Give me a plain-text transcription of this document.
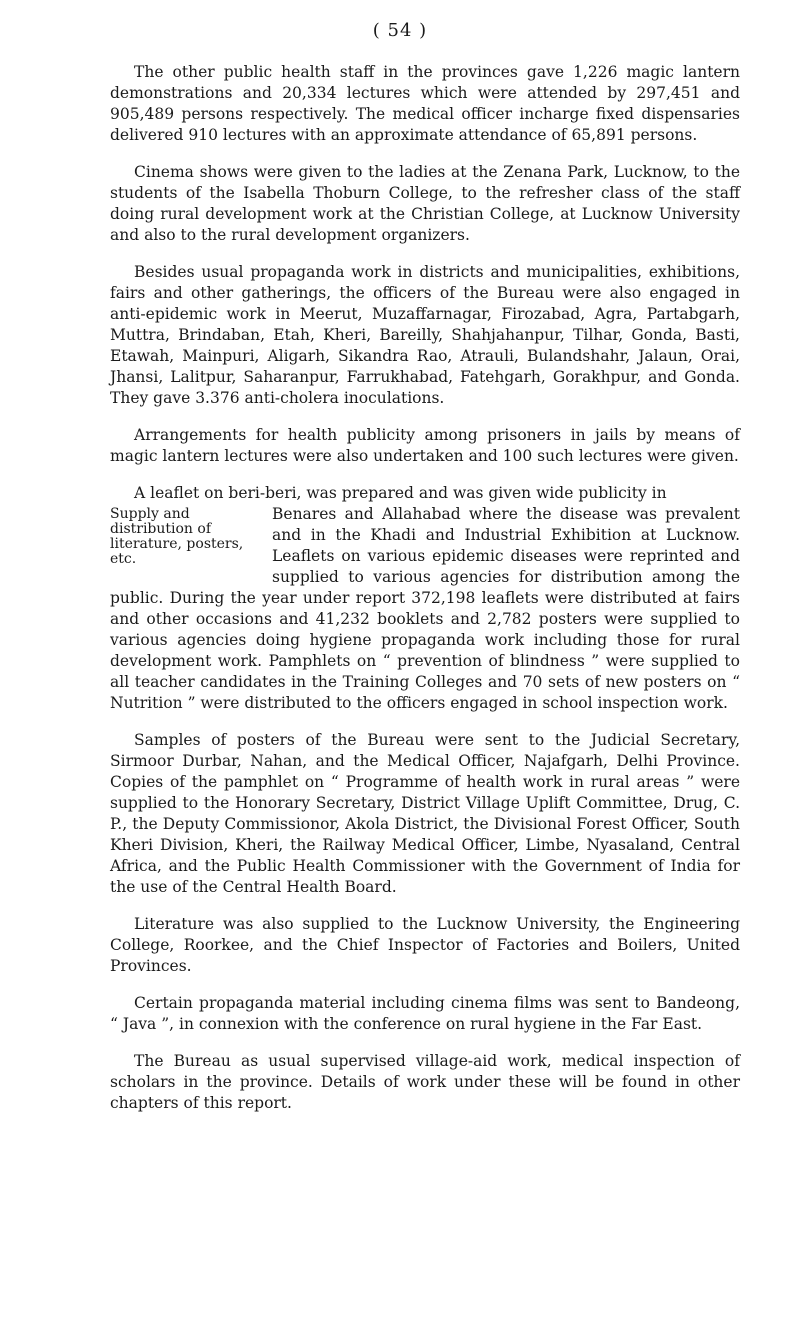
( 54 )

The other public health staff in the provinces gave 1,226 magic lantern demonstrations and 20,334 lectures which were attended by 297,451 and 905,489 persons respectively. The medical officer incharge fixed dispensaries delivered 910 lectures with an approximate attendance of 65,891 persons.

Cinema shows were given to the ladies at the Zenana Park, Lucknow, to the students of the Isabella Thoburn College, to the refresher class of the staff doing rural development work at the Christian College, at Lucknow University and also to the rural development organizers.

Besides usual propaganda work in districts and municipalities, exhibitions, fairs and other gatherings, the officers of the Bureau were also engaged in anti-epidemic work in Meerut, Muzaffarnagar, Firozabad, Agra, Partabgarh, Muttra, Brindaban, Etah, Kheri, Bareilly, Shahjahanpur, Tilhar, Gonda, Basti, Etawah, Mainpuri, Aligarh, Sikandra Rao, Atrauli, Bulandshahr, Jalaun, Orai, Jhansi, Lalitpur, Saharanpur, Farrukhabad, Fatehgarh, Gorakhpur, and Gonda. They gave 3.376 anti-cholera inoculations.

Arrangements for health publicity among prisoners in jails by means of magic lantern lectures were also undertaken and 100 such lectures were given.

A leaflet on beri-beri, was prepared and was given wide publicity in
Supply and distribution of literature, posters, etc.
Benares and Allahabad where the disease was prevalent and in the Khadi and Industrial Exhibition at Lucknow. Leaflets on various epidemic diseases were reprinted and supplied to various agencies for distribution among the public. During the year under report 372,198 leaflets were distributed at fairs and other occasions and 41,232 booklets and 2,782 posters were supplied to various agencies doing hygiene propaganda work including those for rural development work. Pamphlets on “ prevention of blindness ” were supplied to all teacher candidates in the Training Colleges and 70 sets of new posters on “ Nutrition ” were distributed to the officers engaged in school inspection work.

Samples of posters of the Bureau were sent to the Judicial Secretary, Sirmoor Durbar, Nahan, and the Medical Officer, Najafgarh, Delhi Province. Copies of the pamphlet on “ Programme of health work in rural areas ” were supplied to the Honorary Secretary, District Village Uplift Committee, Drug, C. P., the Deputy Commissionor, Akola District, the Divisional Forest Officer, South Kheri Division, Kheri, the Railway Medical Officer, Limbe, Nyasaland, Central Africa, and the Public Health Commissioner with the Government of India for the use of the Central Health Board.

Literature was also supplied to the Lucknow University, the Engineering College, Roorkee, and the Chief Inspector of Factories and Boilers, United Provinces.

Certain propaganda material including cinema films was sent to Bandeong, “ Java ”, in connexion with the conference on rural hygiene in the Far East.

The Bureau as usual supervised village-aid work, medical inspection of scholars in the province. Details of work under these will be found in other chapters of this report.
